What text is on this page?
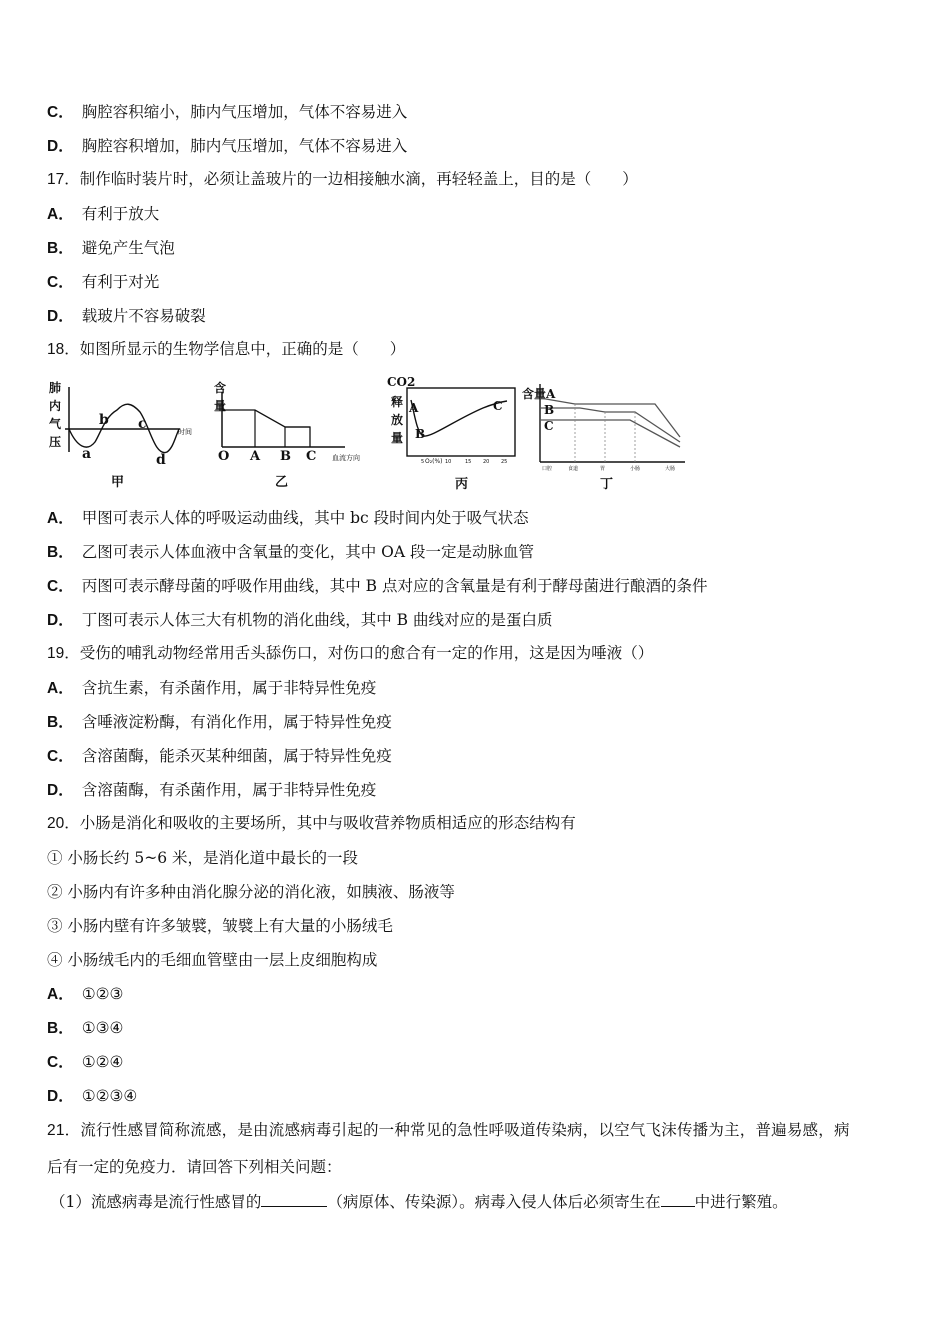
C． 胸腔容积缩小，肺内气压增加，气体不容易进入
D． 胸腔容积增加，肺内气压增加，气体不容易进入
17．制作临时装片时，必须让盖玻片的一边相接触水滴，再轻轻盖上，目的是（　　）
A． 有利于放大
B． 避免产生气泡
C． 有利于对光
D． 载玻片不容易破裂
18．如图所显示的生物学信息中，正确的是（　　）
肺
内
气
压
时间
a
b c
d
甲
含
量
O A B C 血流方向
乙
CO2
释
放
量
A
B
C
O₂(%)
5	10	15 20 25
丙
含量 A
B
C
口腔	食道	胃	小肠	大肠
丁
A． 甲图可表示人体的呼吸运动曲线，其中 bc 段时间内处于吸气状态
B． 乙图可表示人体血液中含氧量的变化，其中 OA 段一定是动脉血管
C． 丙图可表示酵母菌的呼吸作用曲线，其中 B 点对应的含氧量是有利于酵母菌进行酿酒的条件
D． 丁图可表示人体三大有机物的消化曲线，其中 B 曲线对应的是蛋白质
19．受伤的哺乳动物经常用舌头舔伤口，对伤口的愈合有一定的作用，这是因为唾液（）
A． 含抗生素，有杀菌作用，属于非特异性免疫
B． 含唾液淀粉酶，有消化作用，属于特异性免疫
C． 含溶菌酶，能杀灭某种细菌，属于特异性免疫
D． 含溶菌酶，有杀菌作用，属于非特异性免疫
20．小肠是消化和吸收的主要场所，其中与吸收营养物质相适应的形态结构有
① 小肠长约 5~6 米，是消化道中最长的一段
② 小肠内有许多种由消化腺分泌的消化液，如胰液、肠液等
③ 小肠内壁有许多皱襞，皱襞上有大量的小肠绒毛
④ 小肠绒毛内的毛细血管壁由一层上皮细胞构成
A． ①②③
B． ①③④
C． ①②④
D． ①②③④
21．流行性感冒简称流感，是由流感病毒引起的一种常见的急性呼吸道传染病，以空气飞沫传播为主，普遍易感，病
后有一定的免疫力．请回答下列相关问题：
（1）流感病毒是流行性感冒的	（病原体、传染源）。病毒入侵人体后必须寄生在 中进行繁殖。
